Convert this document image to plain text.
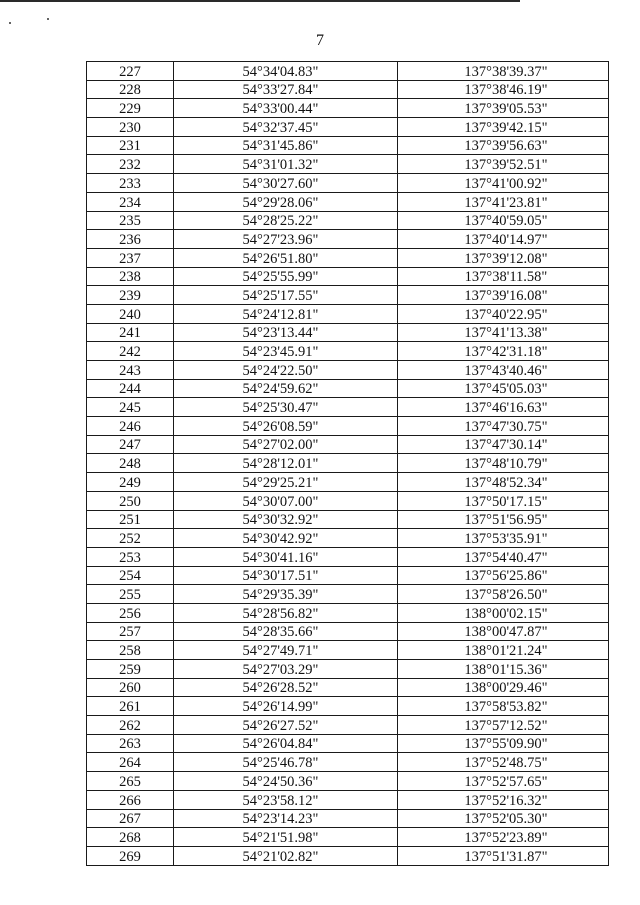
7
227	54°34'04.83"	137°38'39.37"
228	54°33'27.84"	137°38'46.19"
229	54°33'00.44"	137°39'05.53"
230	54°32'37.45"	137°39'42.15"
231	54°31'45.86"	137°39'56.63"
232	54°31'01.32"	137°39'52.51"
233	54°30'27.60"	137°41'00.92"
234	54°29'28.06"	137°41'23.81"
235	54°28'25.22"	137°40'59.05"
236	54°27'23.96"	137°40'14.97"
237	54°26'51.80"	137°39'12.08"
238	54°25'55.99"	137°38'11.58"
239	54°25'17.55"	137°39'16.08"
240	54°24'12.81"	137°40'22.95"
241	54°23'13.44"	137°41'13.38"
242	54°23'45.91"	137°42'31.18"
243	54°24'22.50"	137°43'40.46"
244	54°24'59.62"	137°45'05.03"
245	54°25'30.47"	137°46'16.63"
246	54°26'08.59"	137°47'30.75"
247	54°27'02.00"	137°47'30.14"
248	54°28'12.01"	137°48'10.79"
249	54°29'25.21"	137°48'52.34"
250	54°30'07.00"	137°50'17.15"
251	54°30'32.92"	137°51'56.95"
252	54°30'42.92"	137°53'35.91"
253	54°30'41.16"	137°54'40.47"
254	54°30'17.51"	137°56'25.86"
255	54°29'35.39"	137°58'26.50"
256	54°28'56.82"	138°00'02.15"
257	54°28'35.66"	138°00'47.87"
258	54°27'49.71"	138°01'21.24"
259	54°27'03.29"	138°01'15.36"
260	54°26'28.52"	138°00'29.46"
261	54°26'14.99"	137°58'53.82"
262	54°26'27.52"	137°57'12.52"
263	54°26'04.84"	137°55'09.90"
264	54°25'46.78"	137°52'48.75"
265	54°24'50.36"	137°52'57.65"
266	54°23'58.12"	137°52'16.32"
267	54°23'14.23"	137°52'05.30"
268	54°21'51.98"	137°52'23.89"
269	54°21'02.82"	137°51'31.87"
